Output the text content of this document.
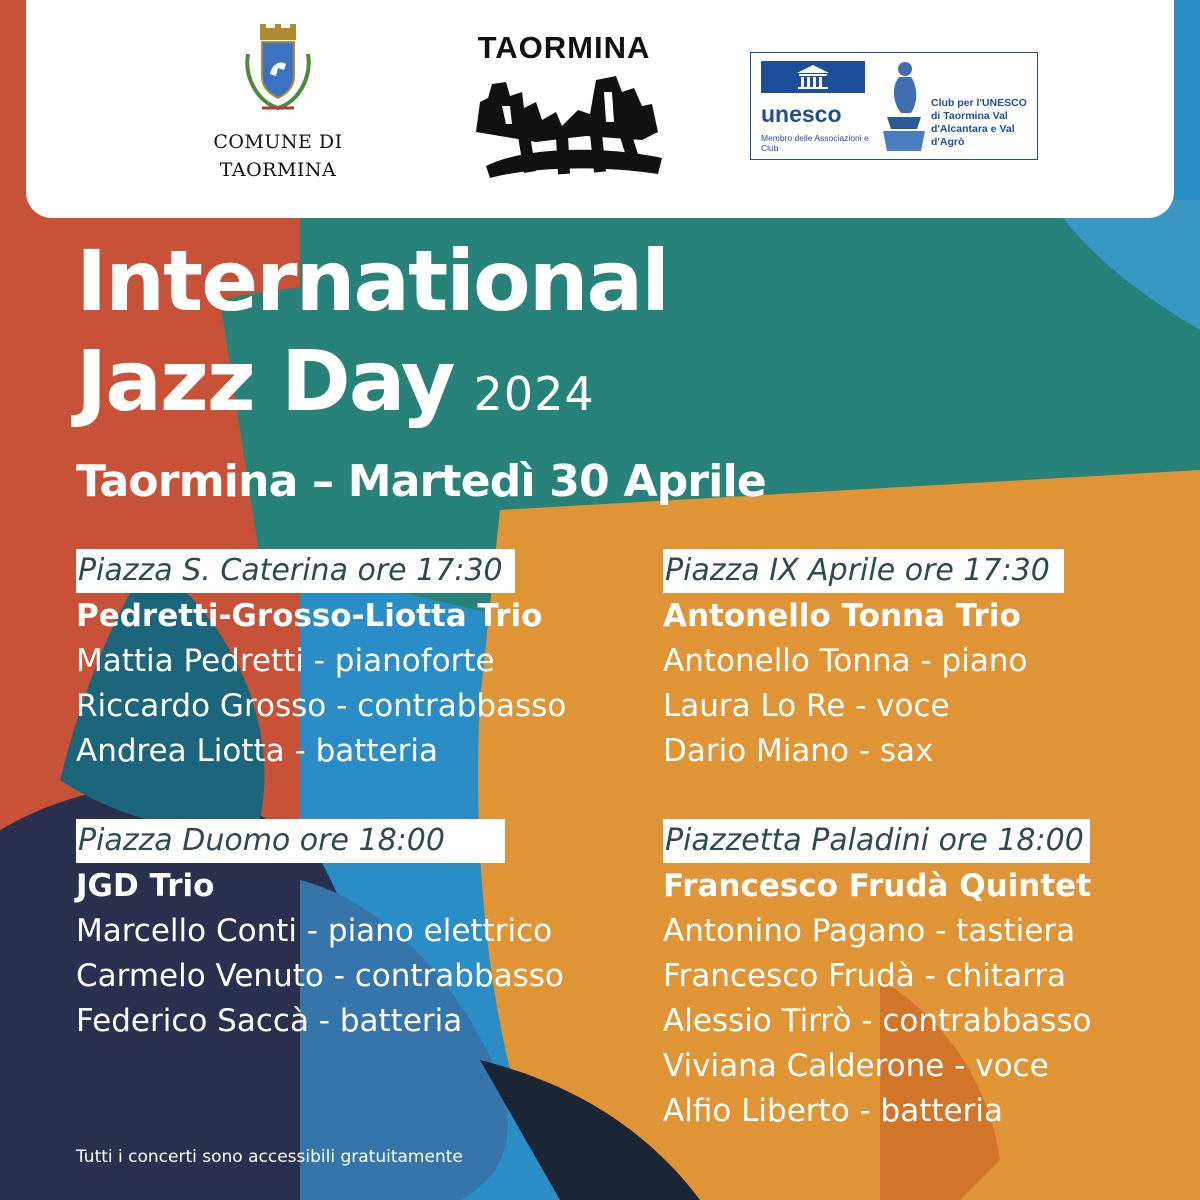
COMUNE DI
TAORMINA
TAORMINA
unesco
Membro delle Associazioni e Club
Club per l'UNESCO di Taormina Val d'Alcantara e Val d'Agrò
International
Jazz Day 2024
Taormina – Martedì 30 Aprile
Piazza S. Caterina ore 17:30
Pedretti-Grosso-Liotta Trio
Mattia Pedretti - pianoforte
Riccardo Grosso - contrabbasso
Andrea Liotta - batteria
Piazza IX Aprile ore 17:30
Antonello Tonna Trio
Antonello Tonna - piano
Laura Lo Re - voce
Dario Miano - sax
Piazza Duomo ore 18:00
JGD Trio
Marcello Conti - piano elettrico
Carmelo Venuto - contrabbasso
Federico Saccà - batteria
Piazzetta Paladini ore 18:00
Francesco Frudà Quintet
Antonino Pagano - tastiera
Francesco Frudà - chitarra
Alessio Tirrò - contrabbasso
Viviana Calderone - voce
Alfio Liberto - batteria
Tutti i concerti sono accessibili gratuitamente
